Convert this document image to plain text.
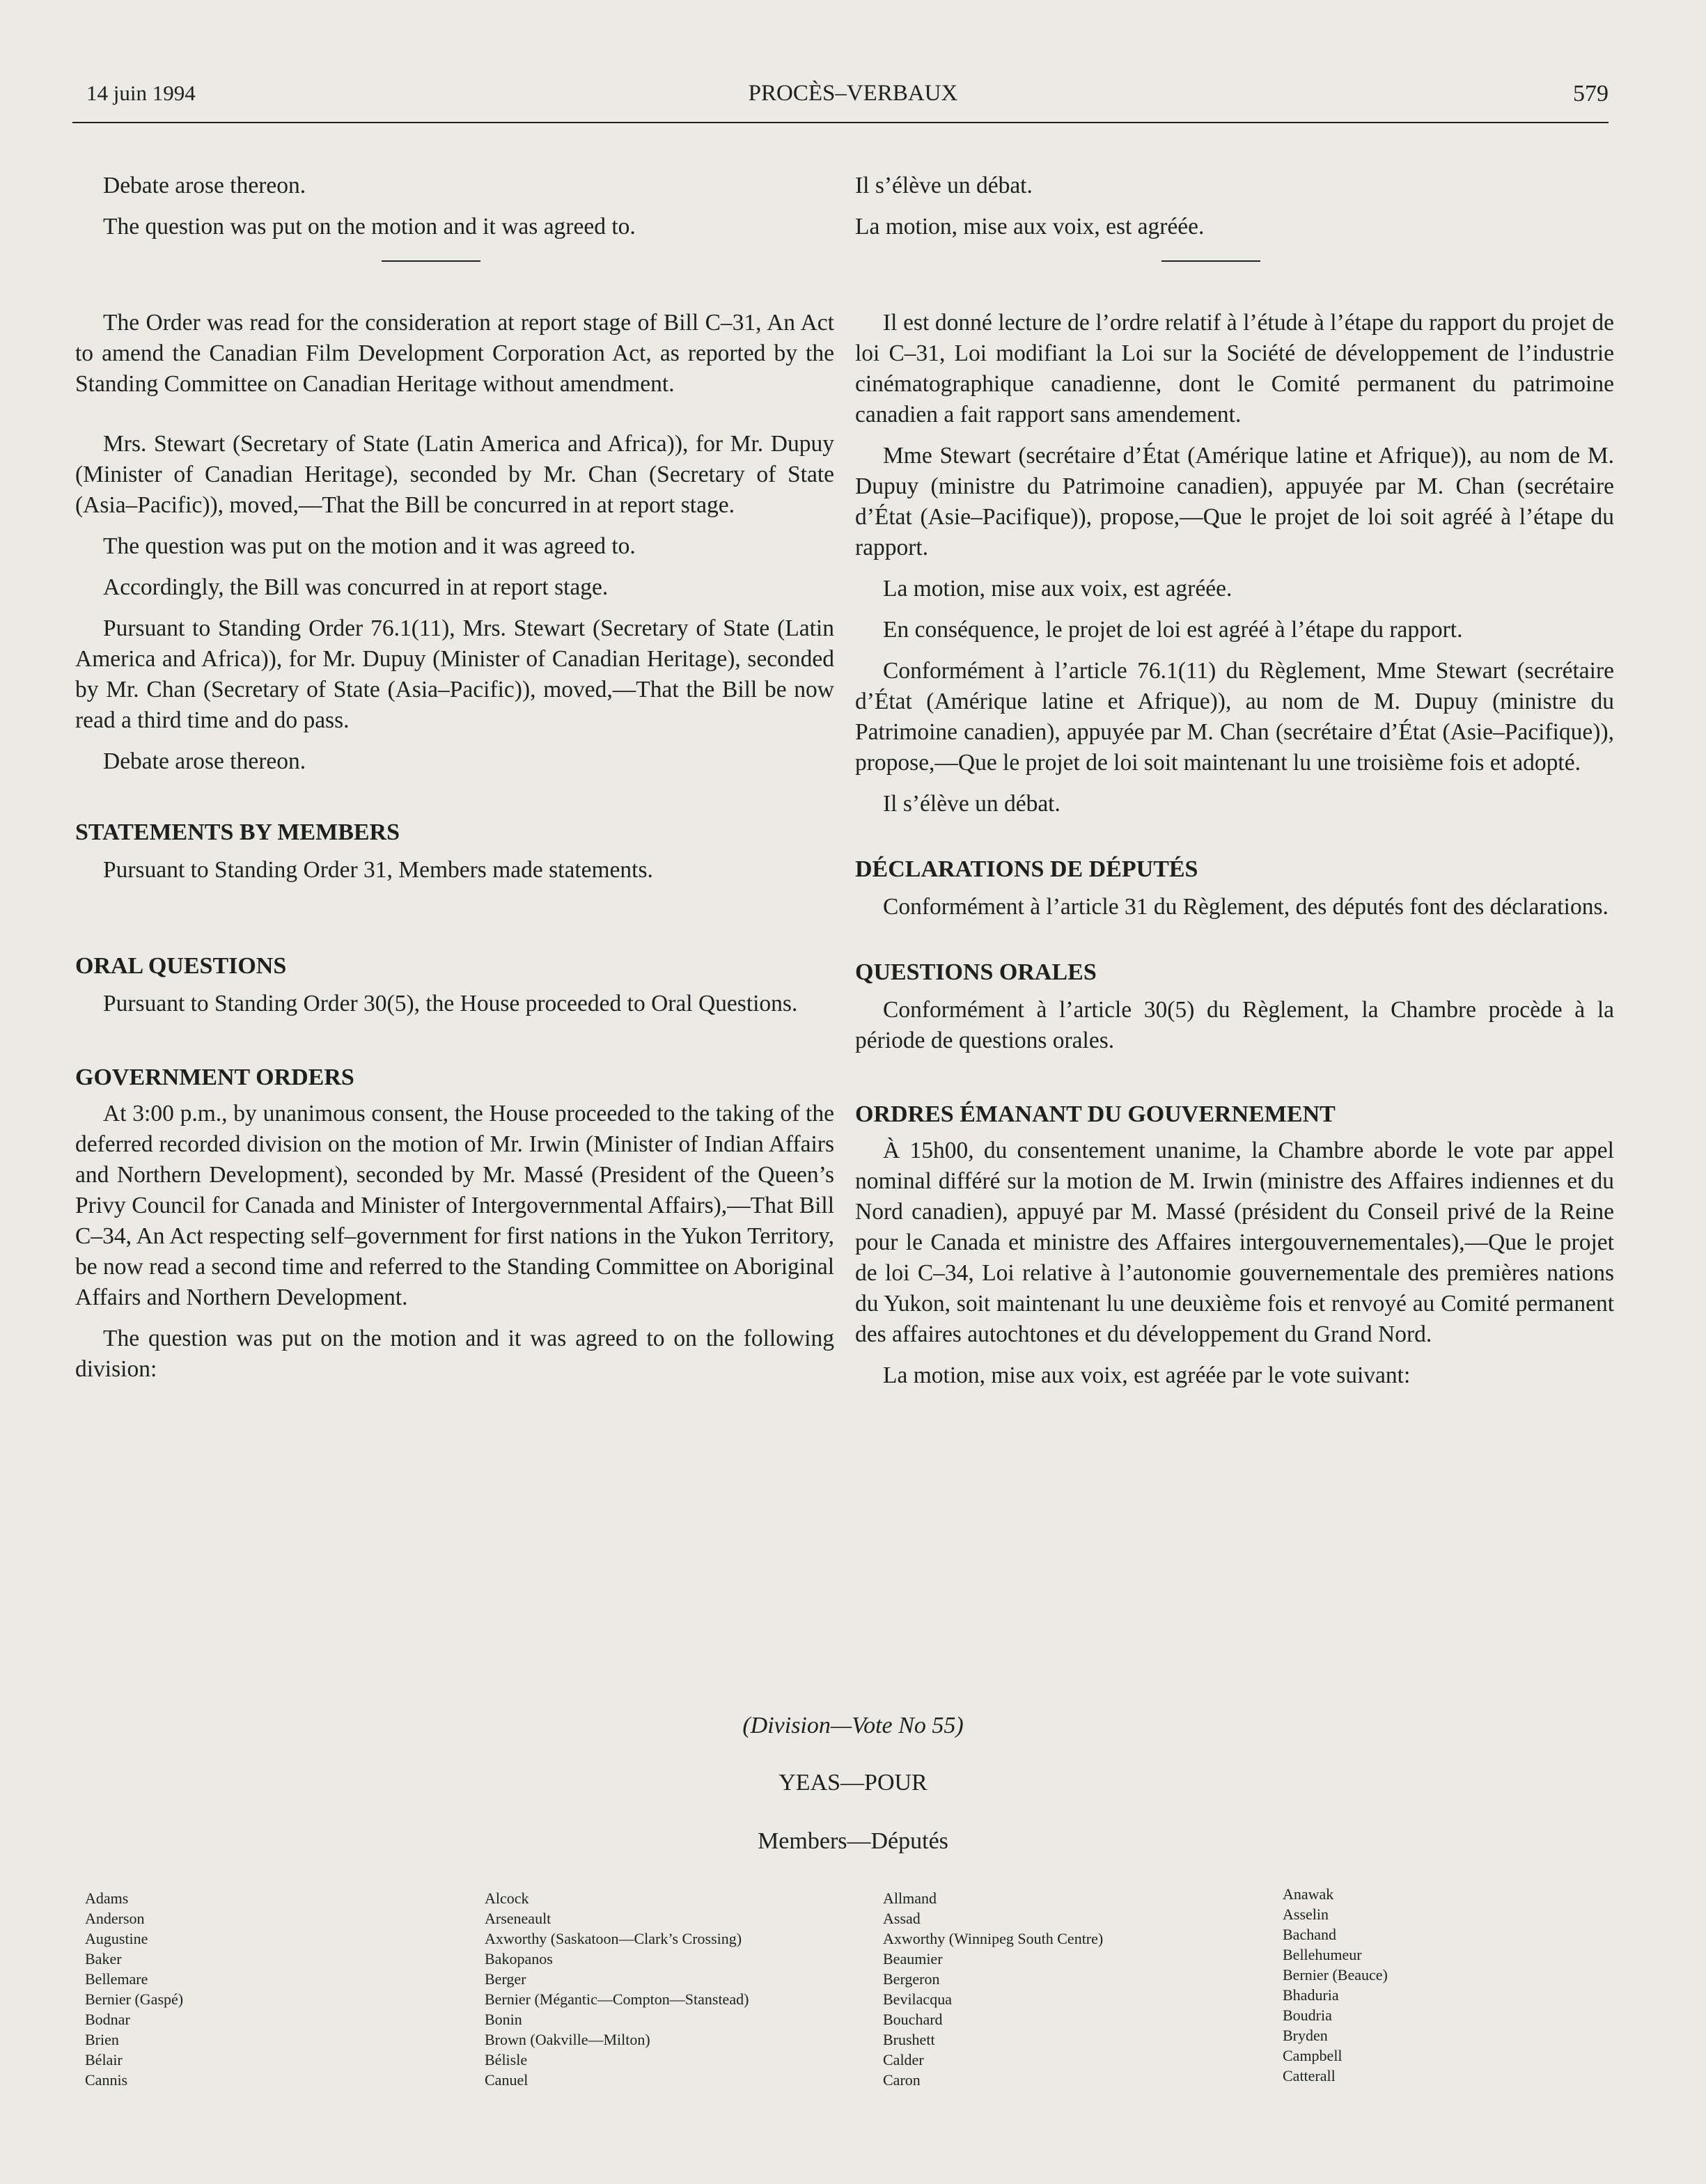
14 juin 1994	PROCÈS–VERBAUX	579

Debate arose thereon.

The question was put on the motion and it was agreed to.

The Order was read for the consideration at report stage of Bill C–31, An Act to amend the Canadian Film Development Corporation Act, as reported by the Standing Committee on Canadian Heritage without amendment.

Mrs. Stewart (Secretary of State (Latin America and Africa)), for Mr. Dupuy (Minister of Canadian Heritage), seconded by Mr. Chan (Secretary of State (Asia–Pacific)), moved,—That the Bill be concurred in at report stage.

The question was put on the motion and it was agreed to.

Accordingly, the Bill was concurred in at report stage.

Pursuant to Standing Order 76.1(11), Mrs. Stewart (Secretary of State (Latin America and Africa)), for Mr. Dupuy (Minister of Canadian Heritage), seconded by Mr. Chan (Secretary of State (Asia–Pacific)), moved,—That the Bill be now read a third time and do pass.

Debate arose thereon.

STATEMENTS BY MEMBERS

Pursuant to Standing Order 31, Members made statements.

ORAL QUESTIONS

Pursuant to Standing Order 30(5), the House proceeded to Oral Questions.

GOVERNMENT ORDERS

At 3:00 p.m., by unanimous consent, the House proceeded to the taking of the deferred recorded division on the motion of Mr. Irwin (Minister of Indian Affairs and Northern Development), seconded by Mr. Massé (President of the Queen’s Privy Council for Canada and Minister of Intergovernmental Affairs),—That Bill C–34, An Act respecting self–government for first nations in the Yukon Territory, be now read a second time and referred to the Standing Committee on Aboriginal Affairs and Northern Development.

The question was put on the motion and it was agreed to on the following division:

Il s’élève un débat.

La motion, mise aux voix, est agréée.

Il est donné lecture de l’ordre relatif à l’étude à l’étape du rapport du projet de loi C–31, Loi modifiant la Loi sur la Société de développement de l’industrie cinématographique canadienne, dont le Comité permanent du patrimoine canadien a fait rapport sans amendement.

Mme Stewart (secrétaire d’État (Amérique latine et Afrique)), au nom de M. Dupuy (ministre du Patrimoine canadien), appuyée par M. Chan (secrétaire d’État (Asie–Pacifique)), propose,—Que le projet de loi soit agréé à l’étape du rapport.

La motion, mise aux voix, est agréée.

En conséquence, le projet de loi est agréé à l’étape du rapport.

Conformément à l’article 76.1(11) du Règlement, Mme Stewart (secrétaire d’État (Amérique latine et Afrique)), au nom de M. Dupuy (ministre du Patrimoine canadien), appuyée par M. Chan (secrétaire d’État (Asie–Pacifique)), propose,—Que le projet de loi soit maintenant lu une troisième fois et adopté.

Il s’élève un débat.

DÉCLARATIONS DE DÉPUTÉS

Conformément à l’article 31 du Règlement, des députés font des déclarations.

QUESTIONS ORALES

Conformément à l’article 30(5) du Règlement, la Chambre procède à la période de questions orales.

ORDRES ÉMANANT DU GOUVERNEMENT

À 15h00, du consentement unanime, la Chambre aborde le vote par appel nominal différé sur la motion de M. Irwin (ministre des Affaires indiennes et du Nord canadien), appuyé par M. Massé (président du Conseil privé de la Reine pour le Canada et ministre des Affaires intergouvernementales),—Que le projet de loi C–34, Loi relative à l’autonomie gouvernementale des premières nations du Yukon, soit maintenant lu une deuxième fois et renvoyé au Comité permanent des affaires autochtones et du développement du Grand Nord.

La motion, mise aux voix, est agréée par le vote suivant:

(Division—Vote No 55)
YEAS—POUR
Members—Députés
Adams
Anderson
Augustine
Baker
Bellemare
Bernier (Gaspé)
Bodnar
Brien
Bélair
Cannis
Alcock
Arseneault
Axworthy (Saskatoon—Clark’s Crossing)
Bakopanos
Berger
Bernier (Mégantic—Compton—Stanstead)
Bonin
Brown (Oakville—Milton)
Bélisle
Canuel
Allmand
Assad
Axworthy (Winnipeg South Centre)
Beaumier
Bergeron
Bevilacqua
Bouchard
Brushett
Calder
Caron
Anawak
Asselin
Bachand
Bellehumeur
Bernier (Beauce)
Bhaduria
Boudria
Bryden
Campbell
Catterall
